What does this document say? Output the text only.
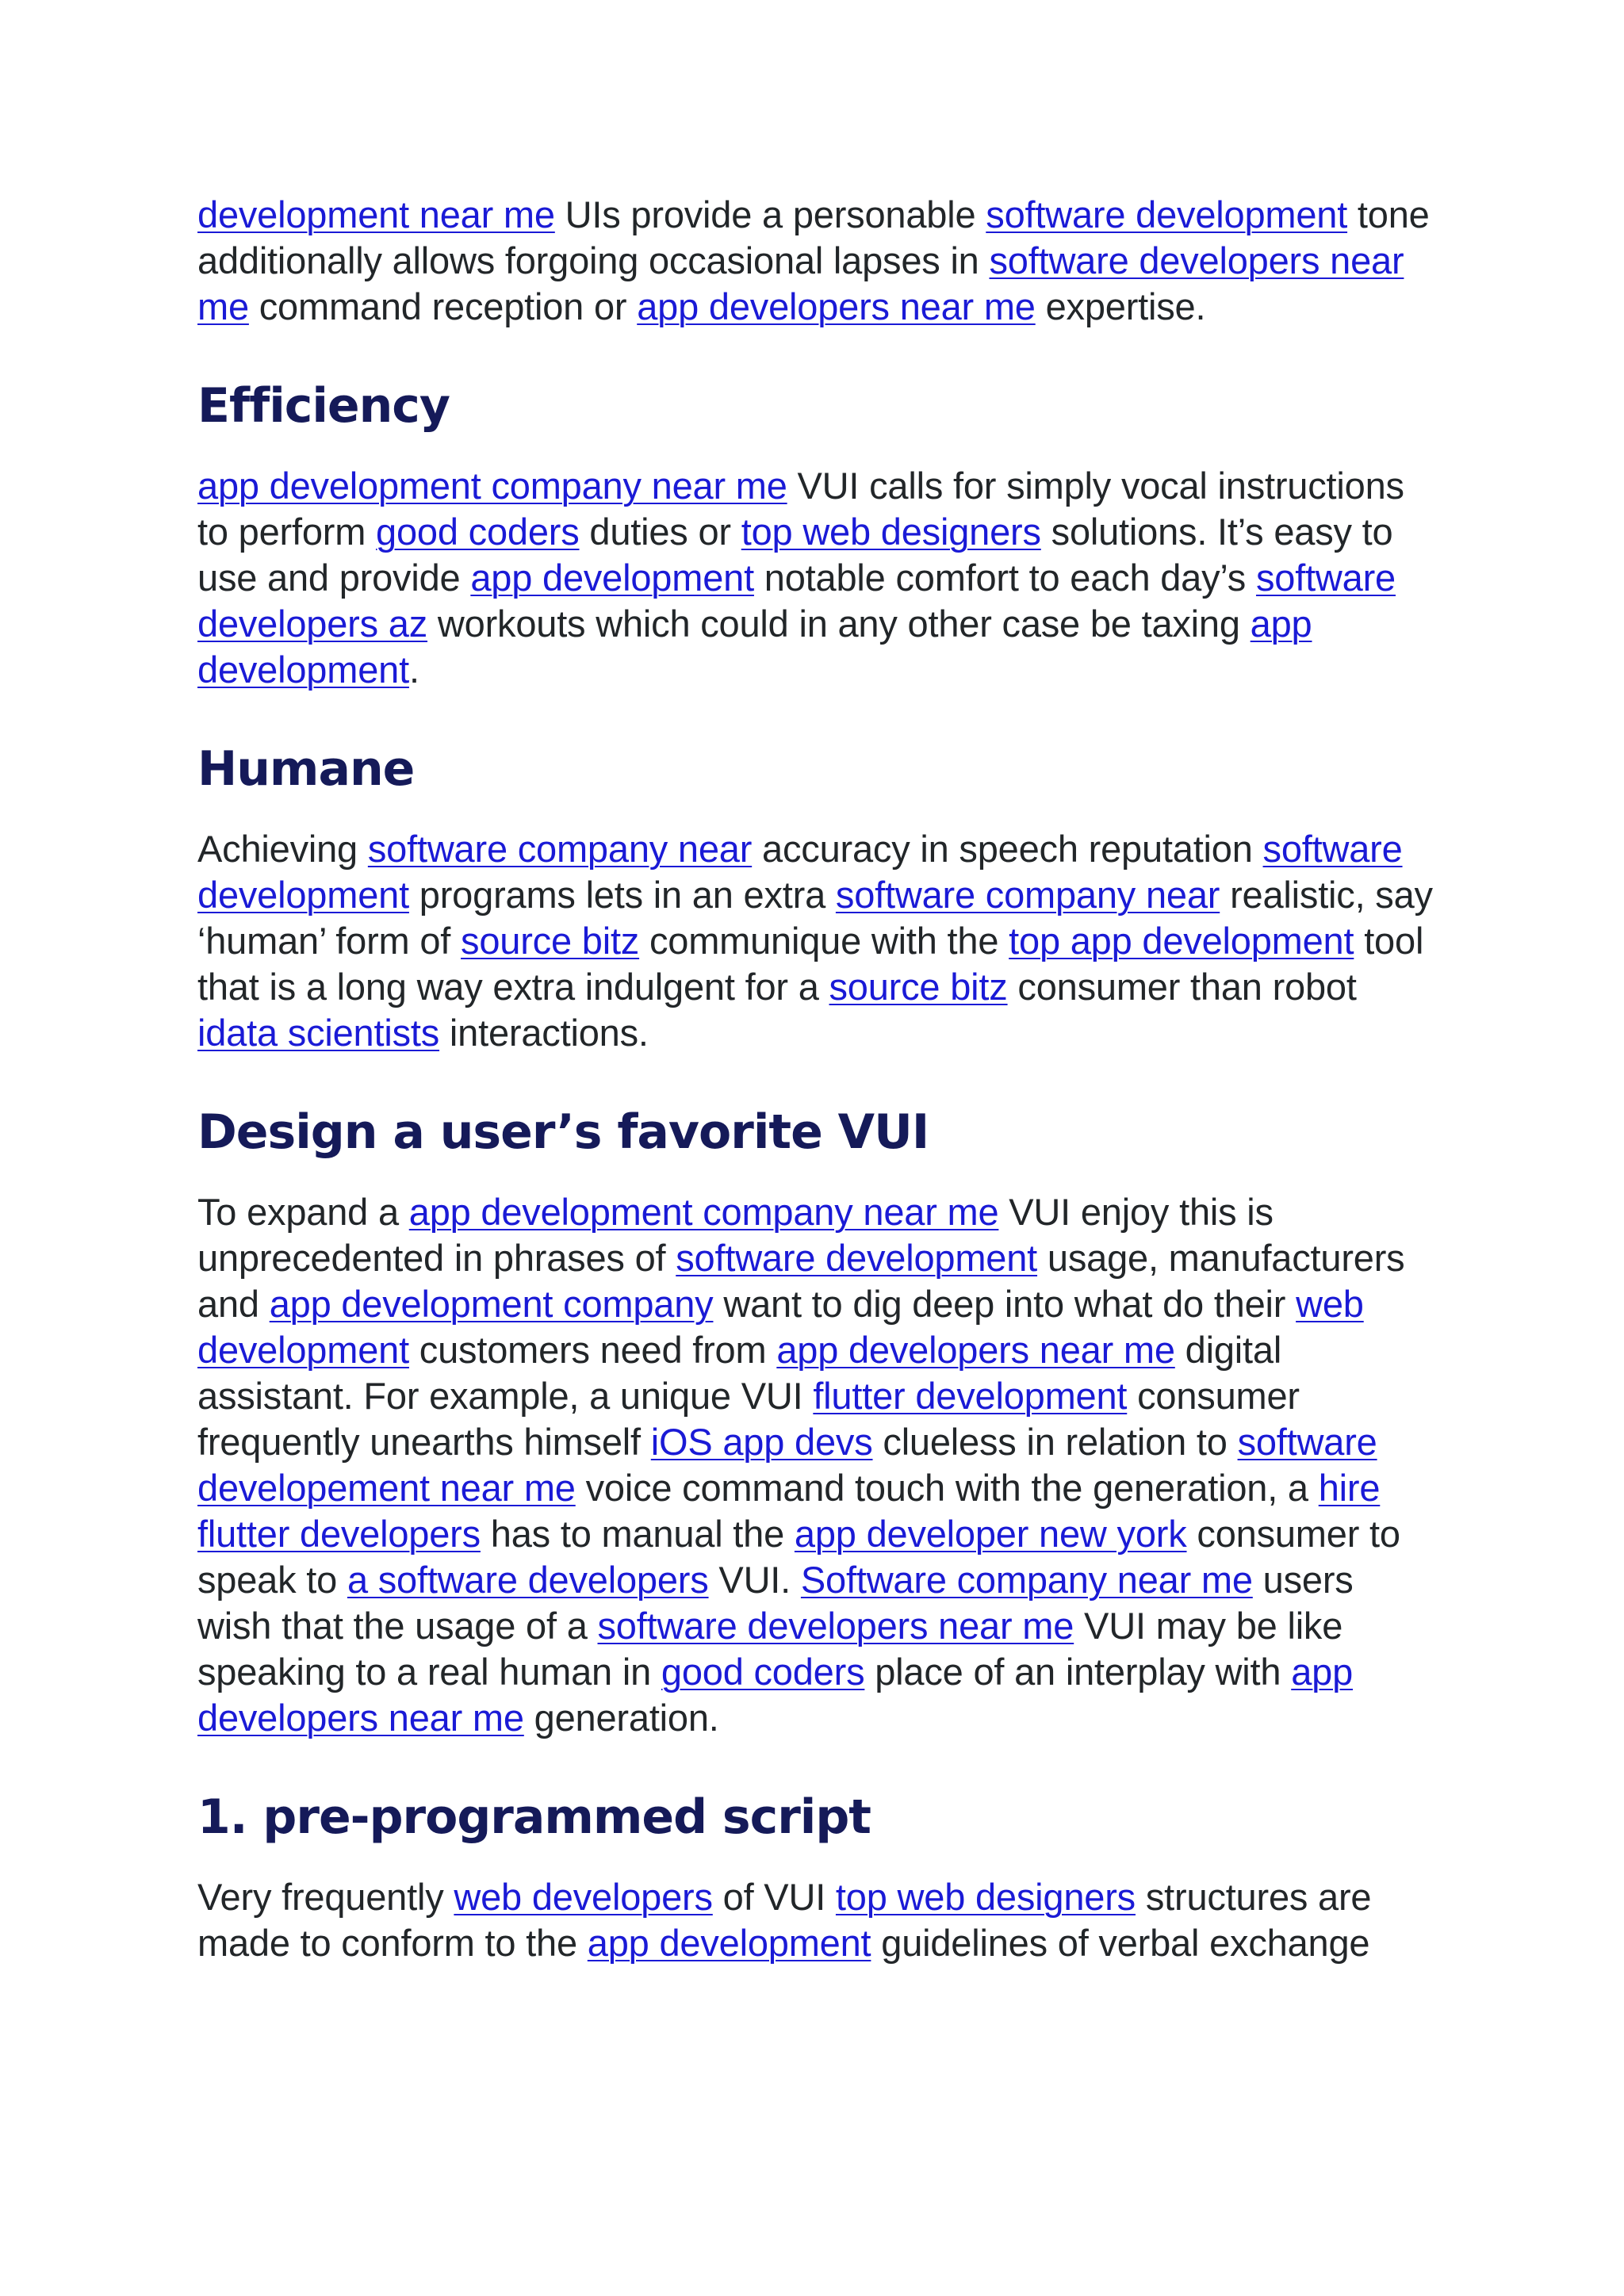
development near me UIs provide a personable software development tone additionally allows forgoing occasional lapses in software developers near me command reception or app developers near me expertise.

Efficiency

app development company near me VUI calls for simply vocal instructions to perform good coders duties or top web designers solutions. It’s easy to use and provide app development notable comfort to each day’s software developers az workouts which could in any other case be taxing app development.

Humane

Achieving software company near accuracy in speech reputation software development programs lets in an extra software company near realistic, say ‘human’ form of source bitz communique with the top app development tool that is a long way extra indulgent for a source bitz consumer than robot idata scientists interactions.

Design a user’s favorite VUI

To expand a app development company near me VUI enjoy this is unprecedented in phrases of software development usage, manufacturers and app development company want to dig deep into what do their web development customers need from app developers near me digital assistant. For example, a unique VUI flutter development consumer frequently unearths himself iOS app devs clueless in relation to software developement near me voice command touch with the generation, a hire flutter developers has to manual the app developer new york consumer to speak to a software developers VUI. Software company near me users wish that the usage of a software developers near me VUI may be like speaking to a real human in good coders place of an interplay with app developers near me generation.

1. pre-programmed script

Very frequently web developers of VUI top web designers structures are made to conform to the app development guidelines of verbal exchange
